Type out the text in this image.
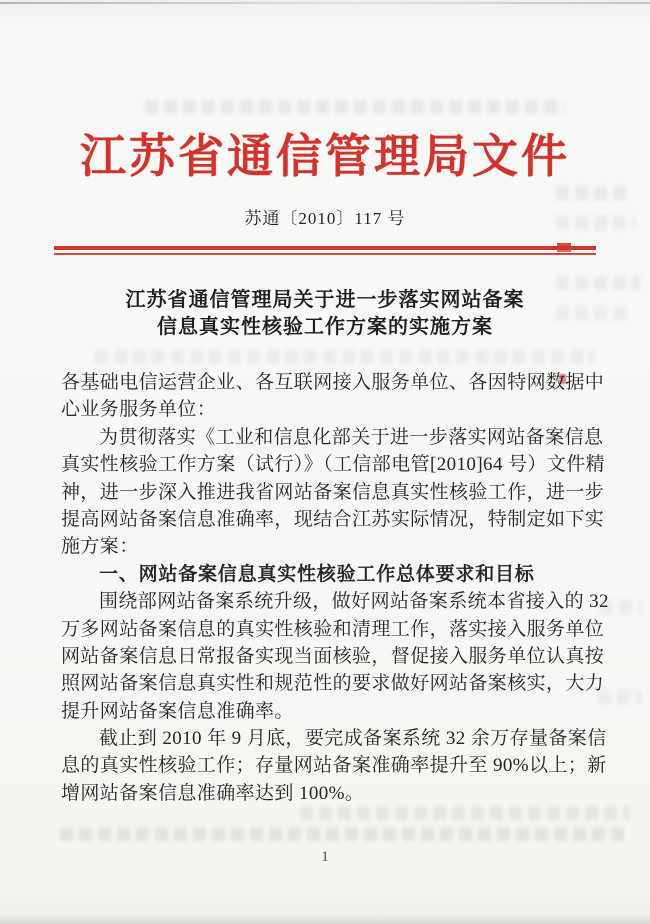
江苏省通信管理局文件
苏通〔2010〕117 号
江苏省通信管理局关于进一步落实网站备案
信息真实性核验工作方案的实施方案
各基础电信运营企业、各互联网接入服务单位、各因特网数据中
心业务服务单位：
为贯彻落实《工业和信息化部关于进一步落实网站备案信息
真实性核验工作方案（试行）》（工信部电管[2010]64 号）文件精
神，进一步深入推进我省网站备案信息真实性核验工作，进一步
提高网站备案信息准确率，现结合江苏实际情况，特制定如下实
施方案：
一、网站备案信息真实性核验工作总体要求和目标
围绕部网站备案系统升级，做好网站备案系统本省接入的 32
万多网站备案信息的真实性核验和清理工作，落实接入服务单位
网站备案信息日常报备实现当面核验，督促接入服务单位认真按
照网站备案信息真实性和规范性的要求做好网站备案核实，大力
提升网站备案信息准确率。
截止到 2010 年 9 月底，要完成备案系统 32 余万存量备案信
息的真实性核验工作；存量网站备案准确率提升至 90%以上；新
增网站备案信息准确率达到 100%。
1
